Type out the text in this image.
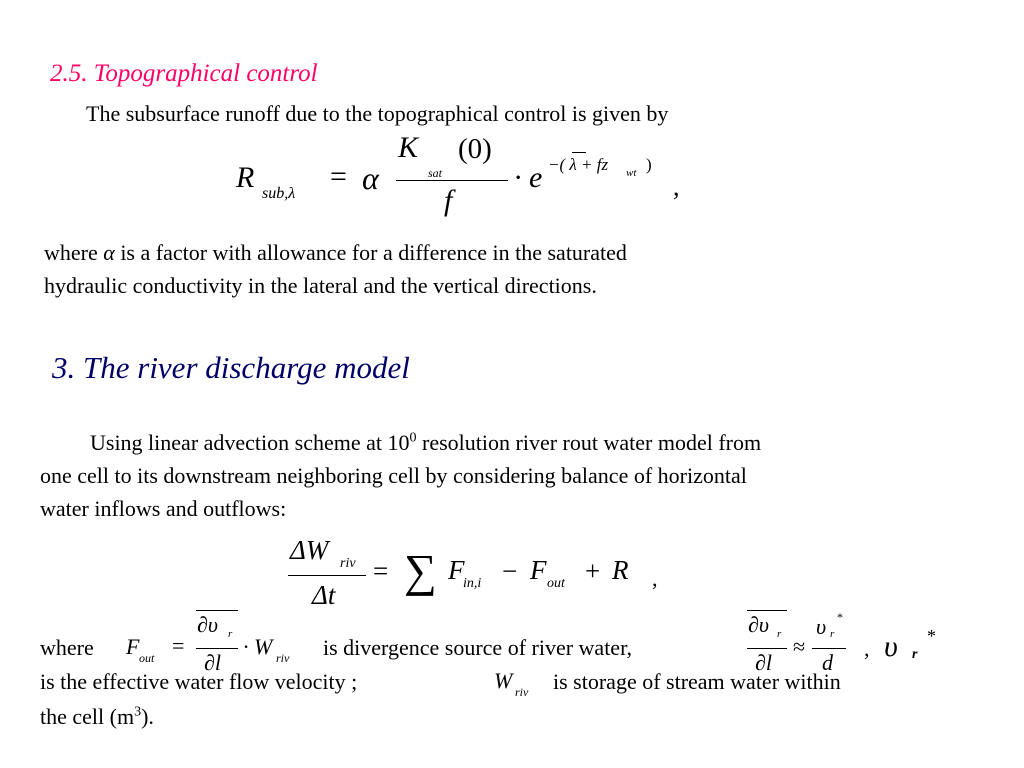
2.5. Topographical control
The subsurface runoff due to the topographical control is given by
R sub,λ
= α
K
sat
(0)
f
· e −( λ + fz wt )
,
where α is a factor with allowance for a difference in the saturated
hydraulic conductivity in the lateral and the vertical directions.
3. The river discharge model
Using linear advection scheme at $10^0$ resolution river rout water model from
one cell to its downstream neighboring cell by considering balance of horizontal
water inflows and outflows:
ΔW riv
Δt
= ∑ F
in,i − F out + R ,
where F out =
∂υ r
∂l
· W riv is divergence source of river water,
∂υ r
∂l
≈
υ r
*
d
, υ r
*
is the effective water flow velocity ;	W riv is storage of stream water within
the cell $(m^3)$.
